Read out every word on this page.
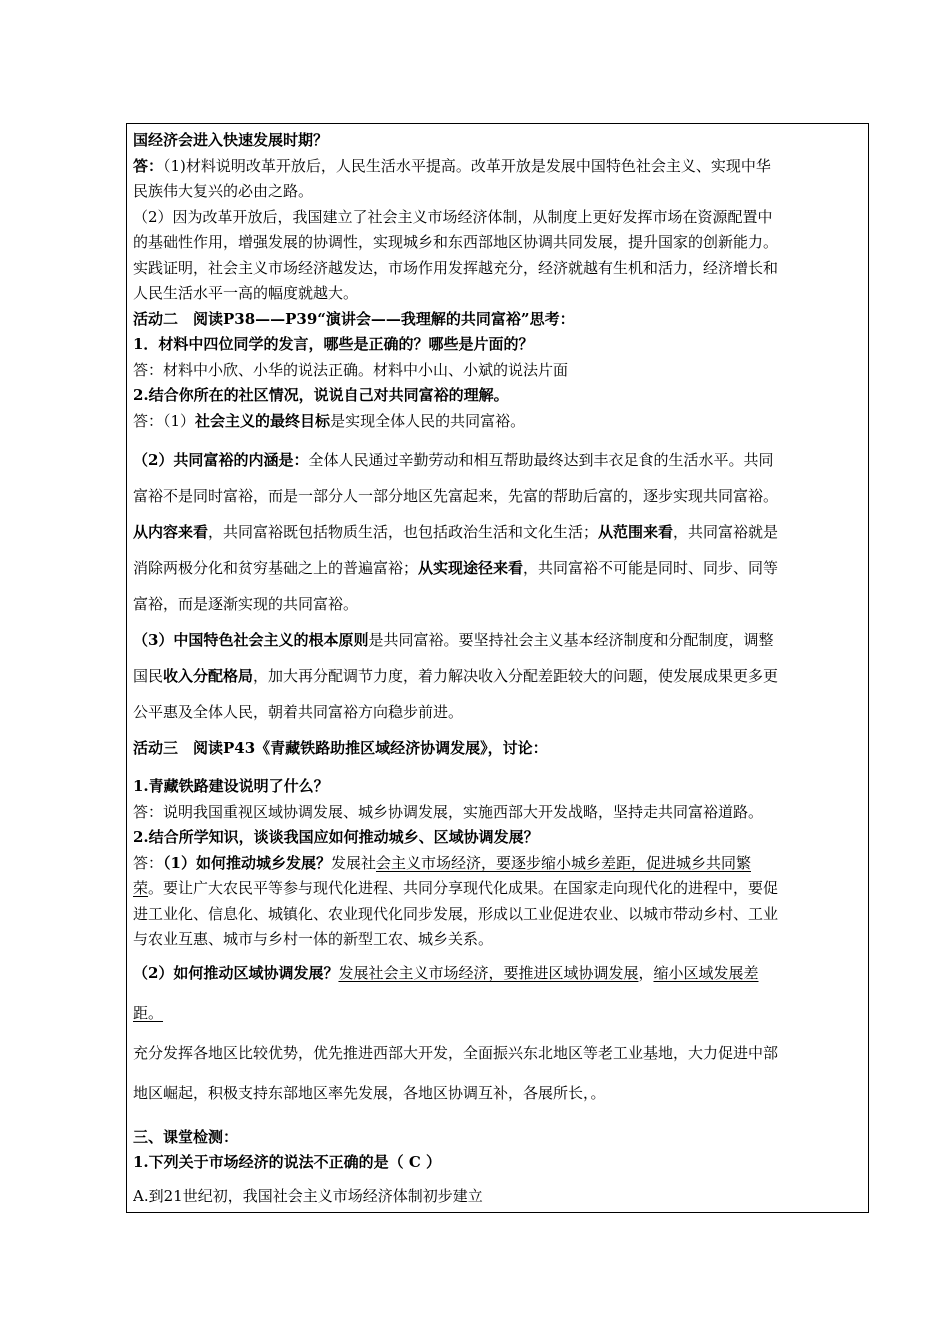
国经济会进入快速发展时期？
答：（1)材料说明改革开放后，人民生活水平提高。改革开放是发展中国特色社会主义、实现中华
民族伟大复兴的必由之路。
（2）因为改革开放后，我国建立了社会主义市场经济体制，从制度上更好发挥市场在资源配置中
的基础性作用，增强发展的协调性，实现城乡和东西部地区协调共同发展，提升国家的创新能力。
实践证明，社会主义市场经济越发达，市场作用发挥越充分，经济就越有生机和活力，经济增长和
人民生活水平一高的幅度就越大。
活动二　阅读P38——P39“演讲会——我理解的共同富裕”思考：
1．材料中四位同学的发言，哪些是正确的？哪些是片面的？
答：材料中小欣、小华的说法正确。材料中小山、小斌的说法片面
2.结合你所在的社区情况，说说自己对共同富裕的理解。
答：（1）社会主义的最终目标是实现全体人民的共同富裕。
（2）共同富裕的内涵是：全体人民通过辛勤劳动和相互帮助最终达到丰衣足食的生活水平。共同
富裕不是同时富裕，而是一部分人一部分地区先富起来，先富的帮助后富的，逐步实现共同富裕。
从内容来看，共同富裕既包括物质生活，也包括政治生活和文化生活；从范围来看，共同富裕就是
消除两极分化和贫穷基础之上的普遍富裕；从实现途径来看，共同富裕不可能是同时、同步、同等
富裕，而是逐渐实现的共同富裕。
（3）中国特色社会主义的根本原则是共同富裕。要坚持社会主义基本经济制度和分配制度，调整
国民收入分配格局，加大再分配调节力度，着力解决收入分配差距较大的问题，使发展成果更多更
公平惠及全体人民，朝着共同富裕方向稳步前进。
活动三　阅读P43《青藏铁路助推区域经济协调发展》，讨论：
1.青藏铁路建设说明了什么？
答：说明我国重视区域协调发展、城乡协调发展，实施西部大开发战略，坚持走共同富裕道路。
2.结合所学知识，谈谈我国应如何推动城乡、区域协调发展？
答：（1）如何推动城乡发展？发展社会主义市场经济，要逐步缩小城乡差距，促进城乡共同繁
荣。要让广大农民平等参与现代化进程、共同分享现代化成果。在国家走向现代化的进程中，要促
进工业化、信息化、城镇化、农业现代化同步发展，形成以工业促进农业、以城市带动乡村、工业
与农业互惠、城市与乡村一体的新型工农、城乡关系。
（2）如何推动区域协调发展？发展社会主义市场经济，要推进区域协调发展，缩小区域发展差
距。
充分发挥各地区比较优势，优先推进西部大开发，全面振兴东北地区等老工业基地，大力促进中部
地区崛起，积极支持东部地区率先发展，各地区协调互补，各展所长，。
三、课堂检测：
1.下列关于市场经济的说法不正确的是（ C ）
A.到21世纪初，我国社会主义市场经济体制初步建立
